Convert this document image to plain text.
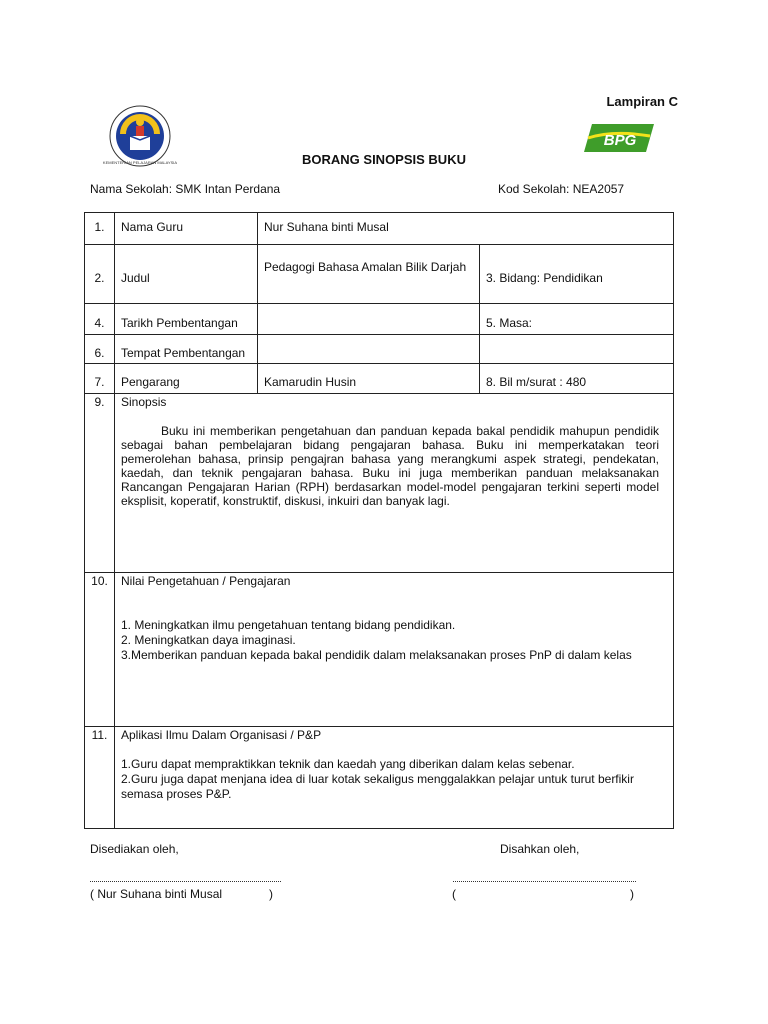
Lampiran C
KEMENTERIAN PELAJARAN MALAYSIA
BPG
BORANG SINOPSIS BUKU
Nama Sekolah: SMK Intan Perdana	Kod Sekolah: NEA2057
1.	Nama Guru	Nur Suhana binti Musal	
2.	Judul	Pedagogi Bahasa Amalan Bilik Darjah	3. Bidang: Pendidikan
4.	Tarikh Pembentangan		5. Masa:
6.	Tempat Pembentangan		
7.	Pengarang	Kamarudin Husin	8. Bil m/surat : 480
9.	Sinopsis
Buku ini memberikan pengetahuan dan panduan kepada bakal pendidik mahupun pendidik sebagai bahan pembelajaran bidang pengajaran bahasa. Buku ini memperkatakan teori pemerolehan bahasa, prinsip pengajran bahasa yang merangkumi aspek strategi, pendekatan, kaedah, dan teknik pengajaran bahasa. Buku ini juga memberikan panduan melaksanakan Rancangan Pengajaran Harian (RPH) berdasarkan model-model pengajaran terkini seperti model eksplisit, koperatif, konstruktif, diskusi, inkuiri dan banyak lagi.		

10.	Nilai Pengetahuan / Pengajaran
1. Meningkatkan ilmu pengetahuan tentang bidang pendidikan.
2. Meningkatkan daya imaginasi.
3.Memberikan panduan kepada bakal pendidik dalam melaksanakan proses PnP di dalam kelas		

11.	Aplikasi Ilmu Dalam Organisasi / P&P
1.Guru dapat mempraktikkan teknik dan kaedah yang diberikan dalam kelas sebenar.
2.Guru juga dapat menjana idea di luar kotak sekaligus menggalakkan pelajar untuk turut berfikir semasa proses P&P.		
Disediakan oleh,	Disahkan oleh,
( Nur Suhana binti Musal	)	(	)
